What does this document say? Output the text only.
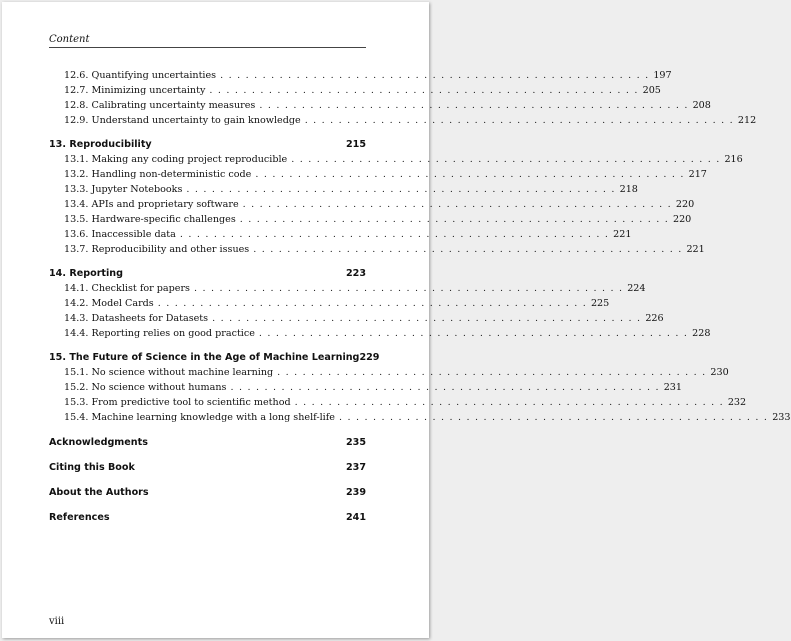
Content
12.6. Quantifying uncertainties . . . . . . . . . . . . . . . . . . . . . . . . . . . . . . . . . . . . . . . . . . . . . . . . . . . 197
12.7. Minimizing uncertainty . . . . . . . . . . . . . . . . . . . . . . . . . . . . . . . . . . . . . . . . . . . . . . . . . . . 205
12.8. Calibrating uncertainty measures . . . . . . . . . . . . . . . . . . . . . . . . . . . . . . . . . . . . . . . . . . . . . . . . . . . 208
12.9. Understand uncertainty to gain knowledge . . . . . . . . . . . . . . . . . . . . . . . . . . . . . . . . . . . . . . . . . . . . . . . . . . . 212
13. Reproducibility	215
13.1. Making any coding project reproducible . . . . . . . . . . . . . . . . . . . . . . . . . . . . . . . . . . . . . . . . . . . . . . . . . . . 216
13.2. Handling non-deterministic code . . . . . . . . . . . . . . . . . . . . . . . . . . . . . . . . . . . . . . . . . . . . . . . . . . . 217
13.3. Jupyter Notebooks . . . . . . . . . . . . . . . . . . . . . . . . . . . . . . . . . . . . . . . . . . . . . . . . . . . 218
13.4. APIs and proprietary software . . . . . . . . . . . . . . . . . . . . . . . . . . . . . . . . . . . . . . . . . . . . . . . . . . . 220
13.5. Hardware-specific challenges . . . . . . . . . . . . . . . . . . . . . . . . . . . . . . . . . . . . . . . . . . . . . . . . . . . 220
13.6. Inaccessible data . . . . . . . . . . . . . . . . . . . . . . . . . . . . . . . . . . . . . . . . . . . . . . . . . . . 221
13.7. Reproducibility and other issues . . . . . . . . . . . . . . . . . . . . . . . . . . . . . . . . . . . . . . . . . . . . . . . . . . . 221
14. Reporting	223
14.1. Checklist for papers . . . . . . . . . . . . . . . . . . . . . . . . . . . . . . . . . . . . . . . . . . . . . . . . . . . 224
14.2. Model Cards . . . . . . . . . . . . . . . . . . . . . . . . . . . . . . . . . . . . . . . . . . . . . . . . . . . 225
14.3. Datasheets for Datasets . . . . . . . . . . . . . . . . . . . . . . . . . . . . . . . . . . . . . . . . . . . . . . . . . . . 226
14.4. Reporting relies on good practice . . . . . . . . . . . . . . . . . . . . . . . . . . . . . . . . . . . . . . . . . . . . . . . . . . . 228
15. The Future of Science in the Age of Machine Learning 229
15.1. No science without machine learning . . . . . . . . . . . . . . . . . . . . . . . . . . . . . . . . . . . . . . . . . . . . . . . . . . . 230
15.2. No science without humans . . . . . . . . . . . . . . . . . . . . . . . . . . . . . . . . . . . . . . . . . . . . . . . . . . . 231
15.3. From predictive tool to scientific method . . . . . . . . . . . . . . . . . . . . . . . . . . . . . . . . . . . . . . . . . . . . . . . . . . . 232
15.4. Machine learning knowledge with a long shelf-life . . . . . . . . . . . . . . . . . . . . . . . . . . . . . . . . . . . . . . . . . . . . . . . . . . . 233
Acknowledgments	235
Citing this Book	237
About the Authors	239
References	241
viii
